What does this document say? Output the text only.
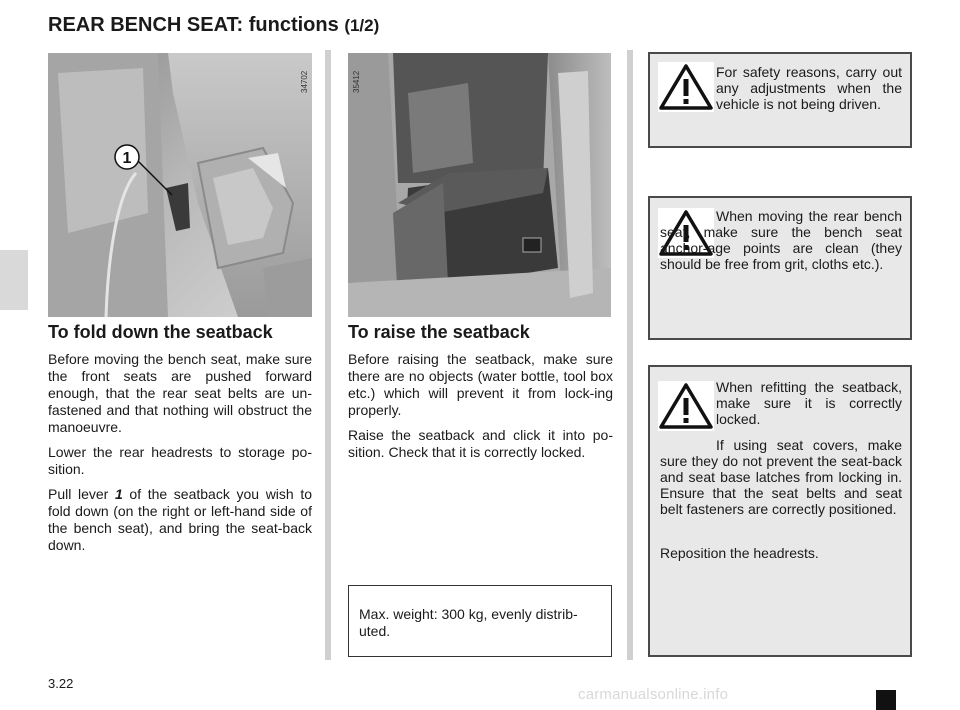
REAR BENCH SEAT: functions (1/2)
1
34702	35412
To fold down the seatback

Before moving the bench seat, make sure the front seats are pushed forward enough, that the rear seat belts are un-fastened and that nothing will obstruct the manoeuvre.

Lower the rear headrests to storage po-sition.

Pull lever 1 of the seatback you wish to fold down (on the right or left-hand side of the bench seat), and bring the seat-back down.

To raise the seatback

Before raising the seatback, make sure there are no objects (water bottle, tool box etc.) which will prevent it from lock-ing properly.

Raise the seatback and click it into po-sition. Check that it is correctly locked.

Max. weight: 300 kg, evenly distrib-uted.

For safety reasons, carry out any adjustments when the vehicle is not being driven.

When moving the rear bench seat, make sure the bench seat anchor-age points are clean (they should be free from grit, cloths etc.).

When refitting the seatback, make sure it is correctly locked.

If using seat covers, make sure they do not prevent the seat-back and seat base latches from locking in. Ensure that the seat belts and seat belt fasteners are correctly positioned.

Reposition the headrests.

3.22
carmanualsonline.info
